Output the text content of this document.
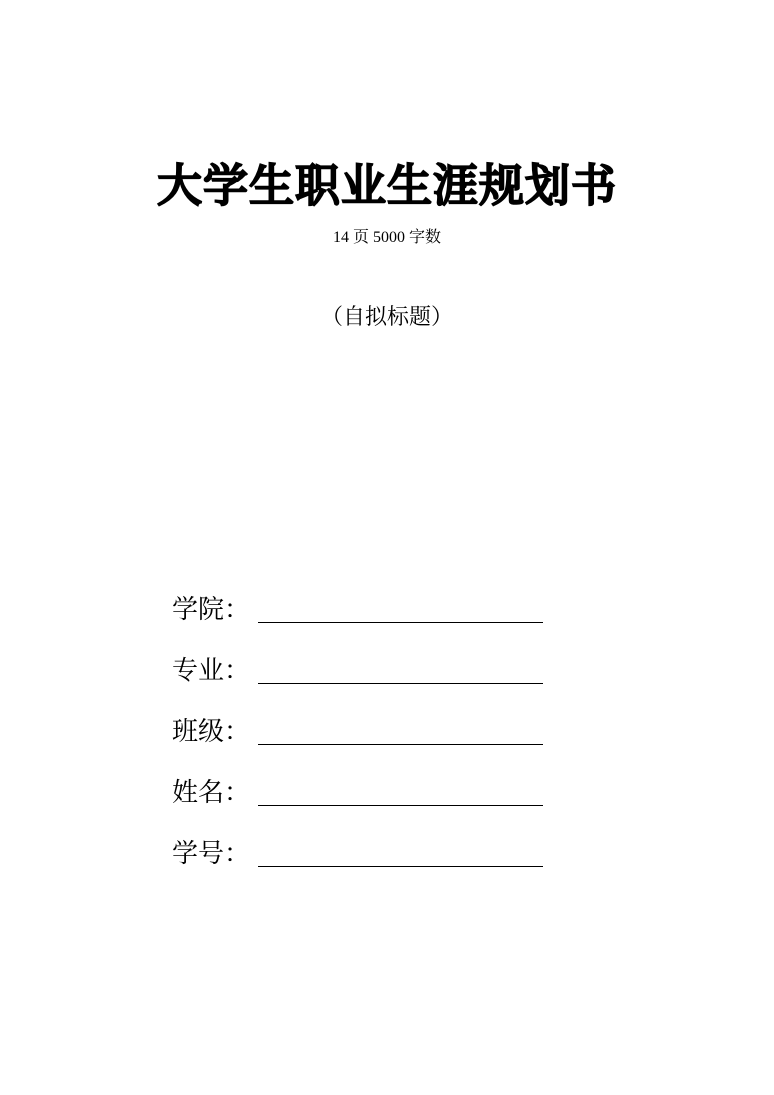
大学生职业生涯规划书
14 页 5000 字数
（自拟标题）
学院：
专业：
班级：
姓名：
学号：
